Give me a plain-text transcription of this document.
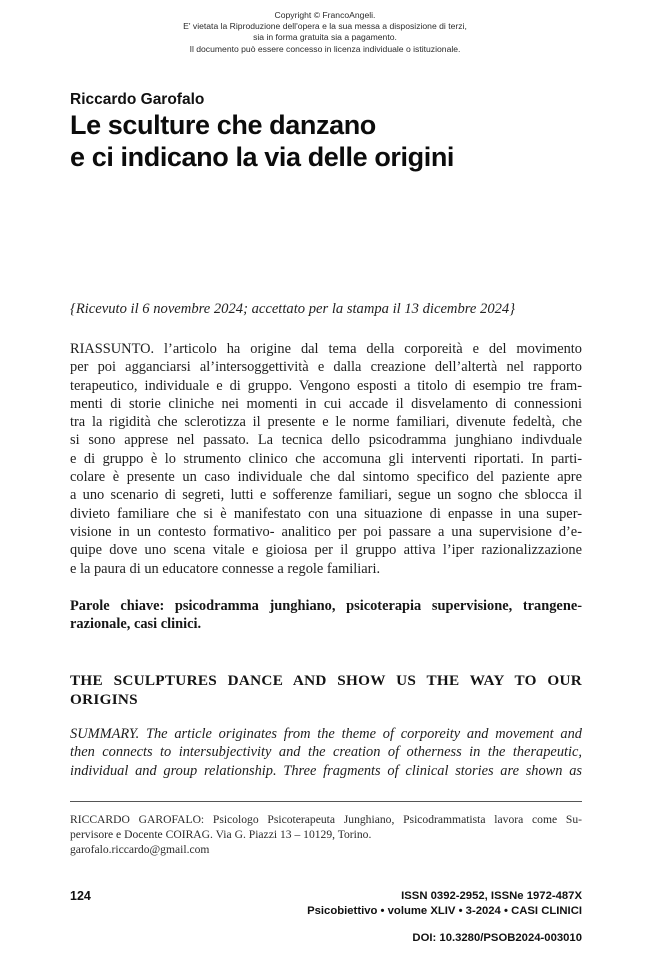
Copyright © FrancoAngeli.
E' vietata la Riproduzione dell'opera e la sua messa a disposizione di terzi,
sia in forma gratuita sia a pagamento.
Il documento può essere concesso in licenza individuale o istituzionale.
Riccardo Garofalo
Le sculture che danzano
e ci indicano la via delle origini
{Ricevuto il 6 novembre 2024; accettato per la stampa il 13 dicembre 2024}
RIASSUNTO. l’articolo ha origine dal tema della corporeità e del movimento
per poi agganciarsi al’intersoggettività e dalla creazione dell’altertà nel rapporto
terapeutico, individuale e di gruppo. Vengono esposti a titolo di esempio tre fram-
menti di storie cliniche nei momenti in cui accade il disvelamento di connessioni
tra la rigidità che sclerotizza il presente e le norme familiari, divenute fedeltà, che
si sono apprese nel passato. La tecnica dello psicodramma junghiano indivduale
e di gruppo è lo strumento clinico che accomuna gli interventi riportati. In parti-
colare è presente un caso individuale che dal sintomo specifico del paziente apre
a uno scenario di segreti, lutti e sofferenze familiari, segue un sogno che sblocca il
divieto familiare che si è manifestato con una situazione di enpasse in una super-
visione in un contesto formativo- analitico per poi passare a una supervisione d’e-
quipe dove uno scena vitale e gioiosa per il gruppo attiva l’iper razionalizzazione
e la paura di un educatore connesse a regole familiari.
Parole chiave: psicodramma junghiano, psicoterapia supervisione, trangene-
razionale, casi clinici.
THE SCULPTURES DANCE AND SHOW US THE WAY TO OUR
ORIGINS
SUMMARY. The article originates from the theme of corporeity and movement and
then connects to intersubjectivity and the creation of otherness in the therapeutic,
individual and group relationship. Three fragments of clinical stories are shown as
RICCARDO GAROFALO: Psicologo Psicoterapeuta Junghiano, Psicodrammatista lavora come Su-
pervisore e Docente COIRAG. Via G. Piazzi 13 – 10129, Torino.
garofalo.riccardo@gmail.com
124	ISSN 0392-2952, ISSNe 1972-487X
Psicobiettivo • volume XLIV • 3-2024 • CASI CLINICI
DOI: 10.3280/PSOB2024-003010
